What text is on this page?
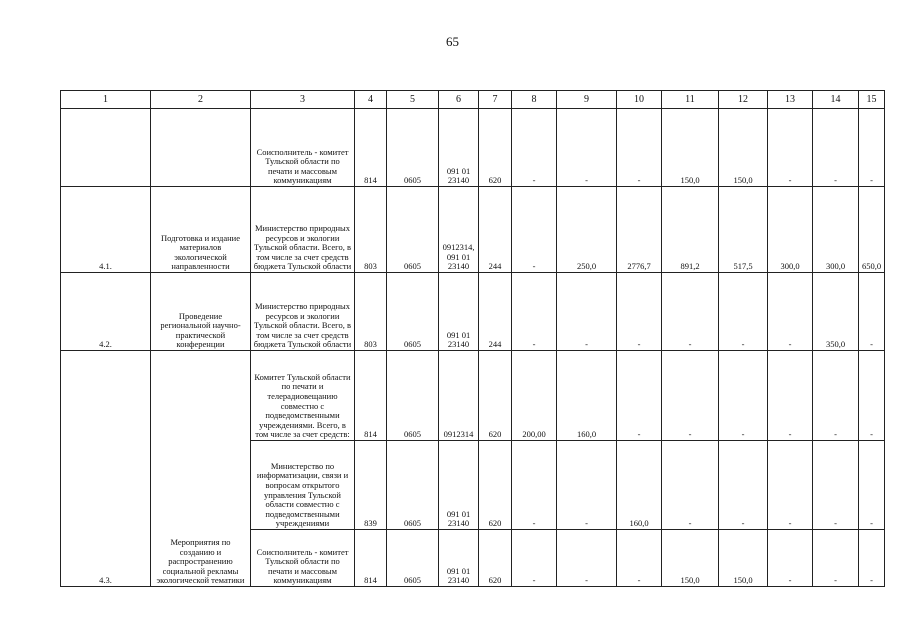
65
1	2	3	4	5	6	7	8	9	10	11	12	13	14	15
		Соисполнитель - комитет Тульской области по печати и массовым коммуникациям	814	0605	091 01 23140	620	-	-	-	150,0	150,0	-	-	-
4.1.	Подготовка и издание материалов экологической направленности	Министерство природных ресурсов и экологии Тульской области. Всего, в том числе за счет средств бюджета Тульской области	803	0605	0912314, 091 01 23140	244	-	250,0	2776,7	891,2	517,5	300,0	300,0	650,0
4.2.	Проведение региональной научно-практической конференции	Министерство природных ресурсов и экологии Тульской области. Всего, в том числе за счет средств бюджета Тульской области	803	0605	091 01 23140	244	-	-	-	-	-	-	350,0	-
4.3.	Мероприятия по созданию и распространению социальной рекламы экологической тематики	Комитет Тульской области по печати и телерадиовещанию совместно с подведомственными учреждениями. Всего, в том числе за счет средств:	814	0605	0912314	620	200,00	160,0	-	-	-	-	-	-
		Министерство по информатизации, связи и вопросам открытого управления Тульской области совместно с подведомственными учреждениями	839	0605	091 01 23140	620	-	-	160,0	-	-	-	-	-
		Соисполнитель - комитет Тульской области по печати и массовым коммуникациям	814	0605	091 01 23140	620	-	-	-	150,0	150,0	-	-	-
